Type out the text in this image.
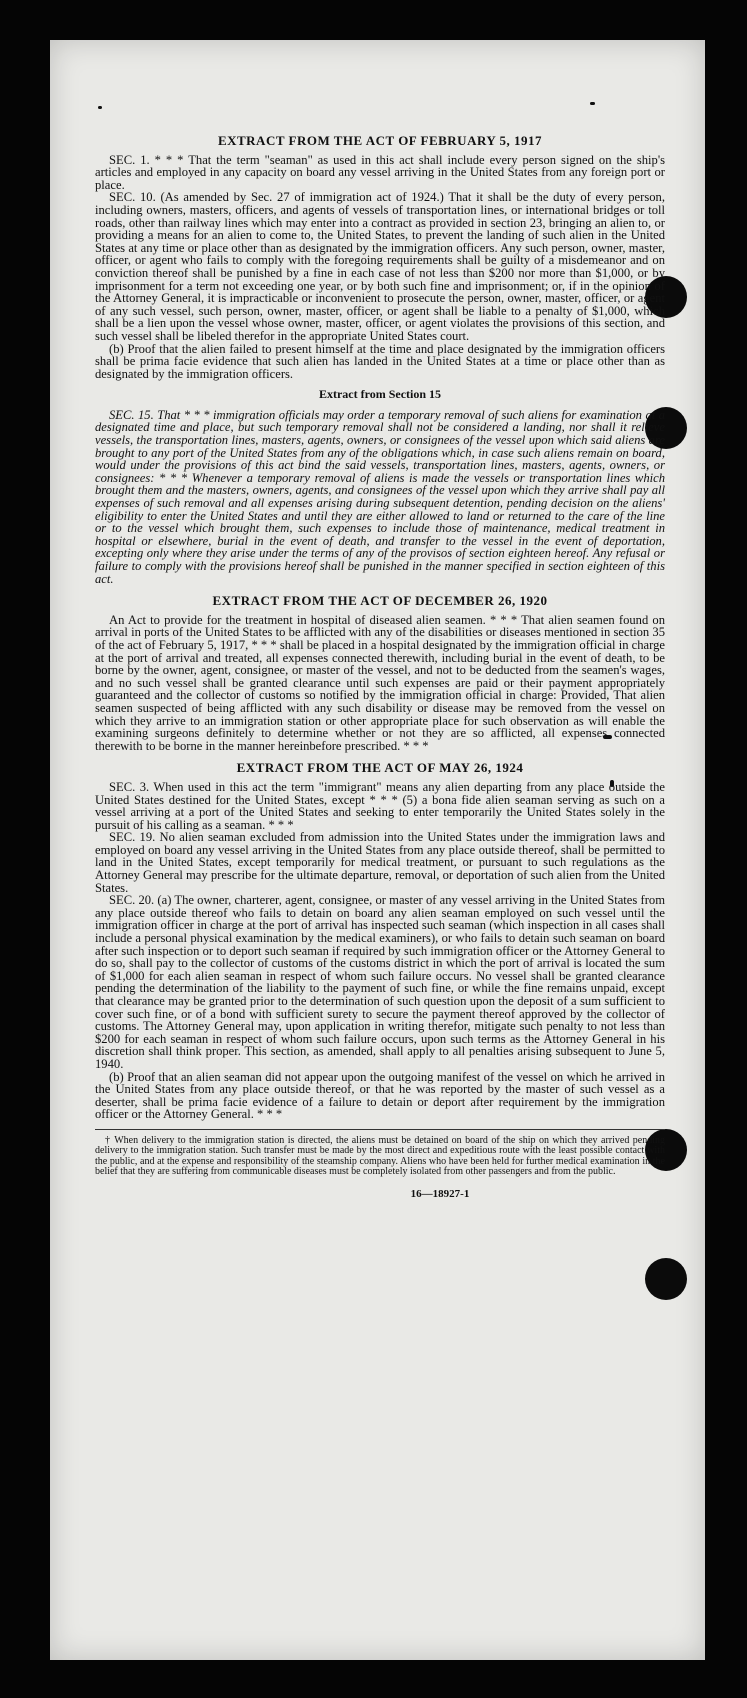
EXTRACT FROM THE ACT OF FEBRUARY 5, 1917

SEC. 1. * * * That the term "seaman" as used in this act shall include every person signed on the ship's articles and employed in any capacity on board any vessel arriving in the United States from any foreign port or place.

SEC. 10. (As amended by Sec. 27 of immigration act of 1924.) That it shall be the duty of every person, including owners, masters, officers, and agents of vessels of transportation lines, or international bridges or toll roads, other than railway lines which may enter into a contract as provided in section 23, bringing an alien to, or providing a means for an alien to come to, the United States, to prevent the landing of such alien in the United States at any time or place other than as designated by the immigration officers. Any such person, owner, master, officer, or agent who fails to comply with the foregoing requirements shall be guilty of a misdemeanor and on conviction thereof shall be punished by a fine in each case of not less than $200 nor more than $1,000, or by imprisonment for a term not exceeding one year, or by both such fine and imprisonment; or, if in the opinion of the Attorney General, it is impracticable or inconvenient to prosecute the person, owner, master, officer, or agent of any such vessel, such person, owner, master, officer, or agent shall be liable to a penalty of $1,000, which shall be a lien upon the vessel whose owner, master, officer, or agent violates the provisions of this section, and such vessel shall be libeled therefor in the appropriate United States court.

(b) Proof that the alien failed to present himself at the time and place designated by the immigration officers shall be prima facie evidence that such alien has landed in the United States at a time or place other than as designated by the immigration officers.

Extract from Section 15

SEC. 15. That * * * immigration officials may order a temporary removal of such aliens for examination at a designated time and place, but such temporary removal shall not be considered a landing, nor shall it relieve vessels, the transportation lines, masters, agents, owners, or consignees of the vessel upon which said aliens are brought to any port of the United States from any of the obligations which, in case such aliens remain on board, would under the provisions of this act bind the said vessels, transportation lines, masters, agents, owners, or consignees: * * * Whenever a temporary removal of aliens is made the vessels or transportation lines which brought them and the masters, owners, agents, and consignees of the vessel upon which they arrive shall pay all expenses of such removal and all expenses arising during subsequent detention, pending decision on the aliens' eligibility to enter the United States and until they are either allowed to land or returned to the care of the line or to the vessel which brought them, such expenses to include those of maintenance, medical treatment in hospital or elsewhere, burial in the event of death, and transfer to the vessel in the event of deportation, excepting only where they arise under the terms of any of the provisos of section eighteen hereof. Any refusal or failure to comply with the provisions hereof shall be punished in the manner specified in section eighteen of this act.

EXTRACT FROM THE ACT OF DECEMBER 26, 1920

An Act to provide for the treatment in hospital of diseased alien seamen. * * * That alien seamen found on arrival in ports of the United States to be afflicted with any of the disabilities or diseases mentioned in section 35 of the act of February 5, 1917, * * * shall be placed in a hospital designated by the immigration official in charge at the port of arrival and treated, all expenses connected therewith, including burial in the event of death, to be borne by the owner, agent, consignee, or master of the vessel, and not to be deducted from the seamen's wages, and no such vessel shall be granted clearance until such expenses are paid or their payment appropriately guaranteed and the collector of customs so notified by the immigration official in charge: Provided, That alien seamen suspected of being afflicted with any such disability or disease may be removed from the vessel on which they arrive to an immigration station or other appropriate place for such observation as will enable the examining surgeons definitely to determine whether or not they are so afflicted, all expenses connected therewith to be borne in the manner hereinbefore prescribed. * * *

EXTRACT FROM THE ACT OF MAY 26, 1924

SEC. 3. When used in this act the term "immigrant" means any alien departing from any place outside the United States destined for the United States, except * * * (5) a bona fide alien seaman serving as such on a vessel arriving at a port of the United States and seeking to enter temporarily the United States solely in the pursuit of his calling as a seaman. * * *

SEC. 19. No alien seaman excluded from admission into the United States under the immigration laws and employed on board any vessel arriving in the United States from any place outside thereof, shall be permitted to land in the United States, except temporarily for medical treatment, or pursuant to such regulations as the Attorney General may prescribe for the ultimate departure, removal, or deportation of such alien from the United States.

SEC. 20. (a) The owner, charterer, agent, consignee, or master of any vessel arriving in the United States from any place outside thereof who fails to detain on board any alien seaman employed on such vessel until the immigration officer in charge at the port of arrival has inspected such seaman (which inspection in all cases shall include a personal physical examination by the medical examiners), or who fails to detain such seaman on board after such inspection or to deport such seaman if required by such immigration officer or the Attorney General to do so, shall pay to the collector of customs of the customs district in which the port of arrival is located the sum of $1,000 for each alien seaman in respect of whom such failure occurs. No vessel shall be granted clearance pending the determination of the liability to the payment of such fine, or while the fine remains unpaid, except that clearance may be granted prior to the determination of such question upon the deposit of a sum sufficient to cover such fine, or of a bond with sufficient surety to secure the payment thereof approved by the collector of customs. The Attorney General may, upon application in writing therefor, mitigate such penalty to not less than $200 for each seaman in respect of whom such failure occurs, upon such terms as the Attorney General in his discretion shall think proper. This section, as amended, shall apply to all penalties arising subsequent to June 5, 1940.

(b) Proof that an alien seaman did not appear upon the outgoing manifest of the vessel on which he arrived in the United States from any place outside thereof, or that he was reported by the master of such vessel as a deserter, shall be prima facie evidence of a failure to detain or deport after requirement by the immigration officer or the Attorney General. * * *

† When delivery to the immigration station is directed, the aliens must be detained on board of the ship on which they arrived pending delivery to the immigration station. Such transfer must be made by the most direct and expeditious route with the least possible contact with the public, and at the expense and responsibility of the steamship company. Aliens who have been held for further medical examination in the belief that they are suffering from communicable diseases must be completely isolated from other passengers and from the public.

16—18927-1
